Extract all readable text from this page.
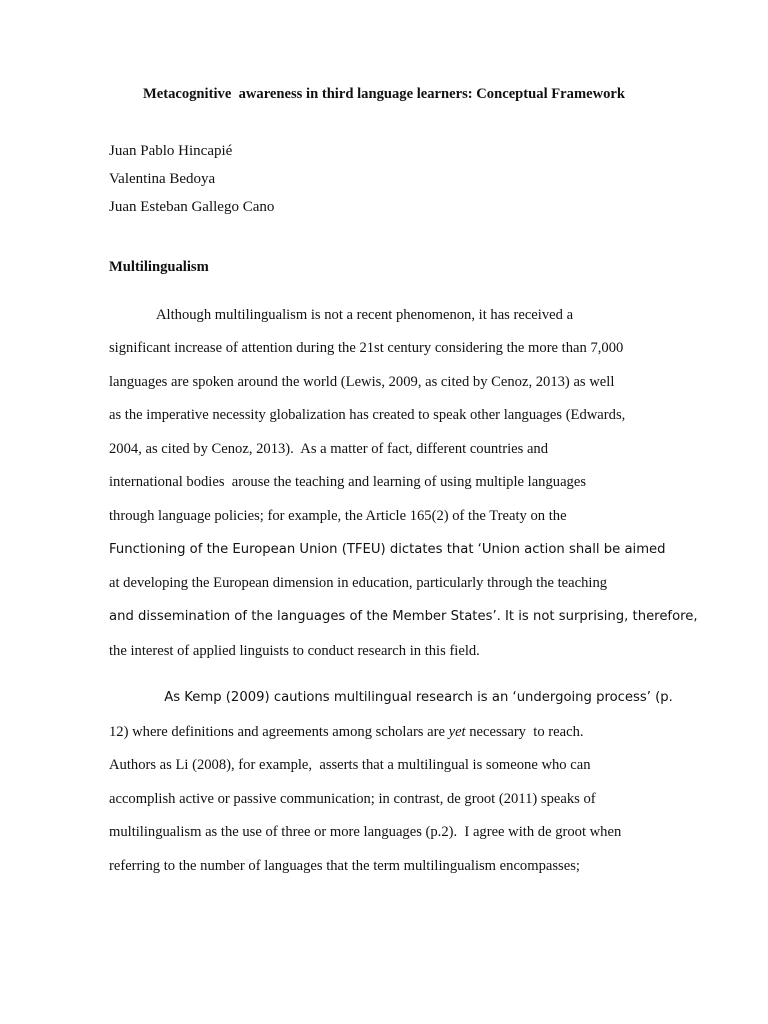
Metacognitive  awareness in third language learners: Conceptual Framework
Juan Pablo Hincapié
Valentina Bedoya
Juan Esteban Gallego Cano
Multilingualism
Although multilingualism is not a recent phenomenon, it has received a
significant increase of attention during the 21st century considering the more than 7,000
languages are spoken around the world (Lewis, 2009, as cited by Cenoz, 2013) as well
as the imperative necessity globalization has created to speak other languages (Edwards,
2004, as cited by Cenoz, 2013).  As a matter of fact, different countries and
international bodies  arouse the teaching and learning of using multiple languages
through language policies; for example, the Article 165(2) of the Treaty on the
Functioning of the European Union (TFEU) dictates that ‘Union action shall be aimed
at developing the European dimension in education, particularly through the teaching
and dissemination of the languages of the Member States’. It is not surprising, therefore,
the interest of applied linguists to conduct research in this field.
As Kemp (2009) cautions multilingual research is an ‘undergoing process’ (p.
12) where definitions and agreements among scholars are yet necessary  to reach.
Authors as Li (2008), for example,  asserts that a multilingual is someone who can
accomplish active or passive communication; in contrast, de groot (2011) speaks of
multilingualism as the use of three or more languages (p.2).  I agree with de groot when
referring to the number of languages that the term multilingualism encompasses;
